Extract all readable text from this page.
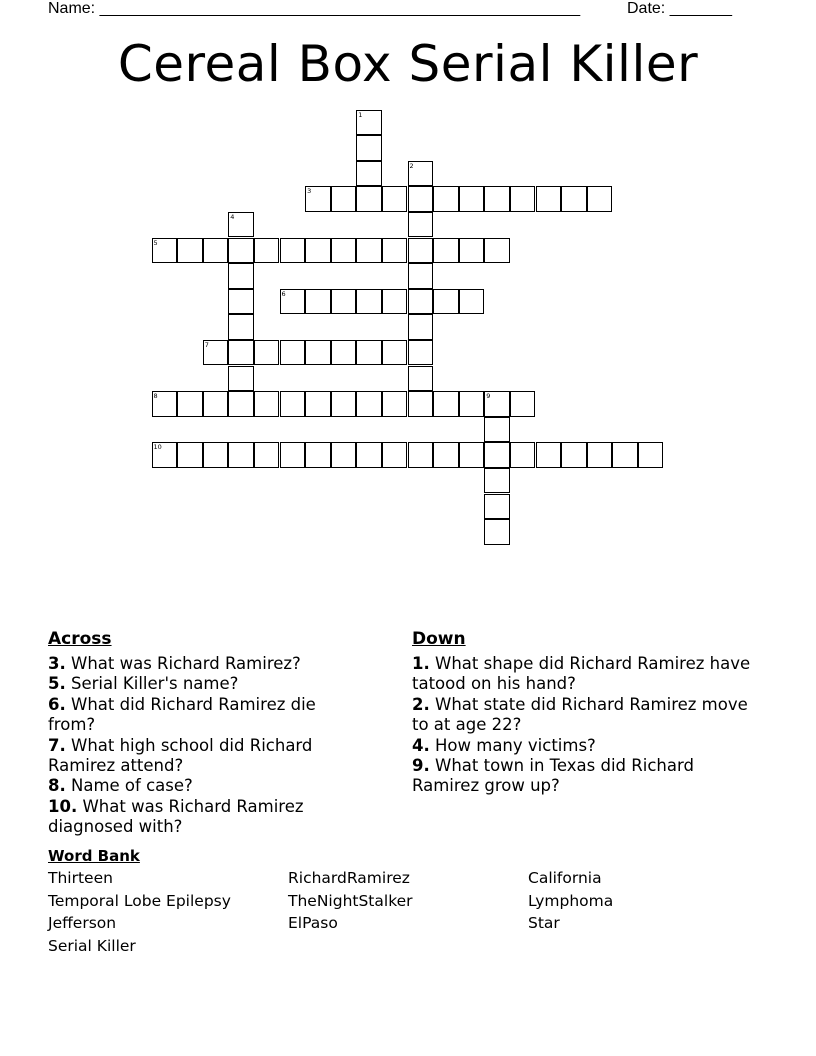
Name: ______________________________________________________	Date: _______
Cereal Box Serial Killer
1
2
3
4
5
6
7
8	9
10
Across

3. What was Richard Ramirez?

5. Serial Killer's name?

6. What did Richard Ramirez die from?

7. What high school did Richard Ramirez attend?

8. Name of case?

10. What was Richard Ramirez diagnosed with?

Down

1. What shape did Richard Ramirez have tatood on his hand?

2. What state did Richard Ramirez move to at age 22?

4. How many victims?

9. What town in Texas did Richard Ramirez grow up?

Word Bank
Thirteen
Temporal Lobe Epilepsy
Jefferson
Serial Killer
RichardRamirez
TheNightStalker
ElPaso
California
Lymphoma
Star
